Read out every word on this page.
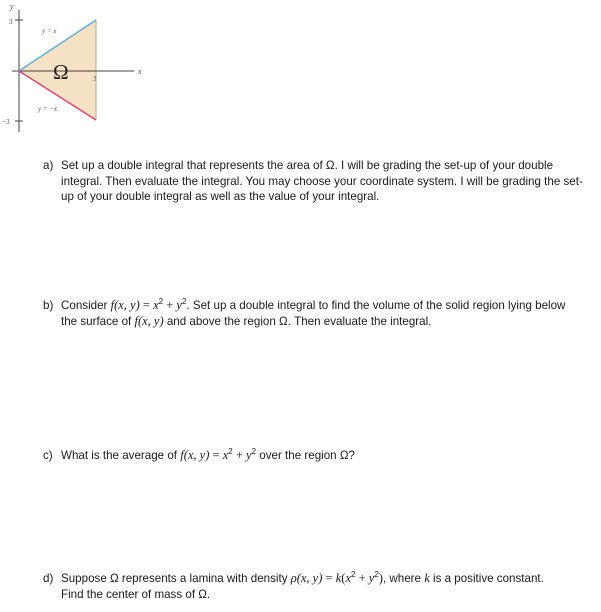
y
x
3
−3
3
y = x
y = −x
Ω
a) Set up a double integral that represents the area of Ω. I will be grading the set-up of your double integral. Then evaluate the integral. You may choose your coordinate system. I will be grading the set-up of your double integral as well as the value of your integral.
b) Consider f(x, $y) = x^2 + y^2$. Set up a double integral to find the volume of the solid region lying below the surface of f(x, y) and above the region Ω. Then evaluate the integral.
c) What is the average of f(x, $y) = x^2 + y^2$ over the region Ω?
d) Suppose Ω represents a lamina with density ρ(x, $y) = k(x^2 + y^2)$, where k is a positive constant.
Find the center of mass of Ω.
